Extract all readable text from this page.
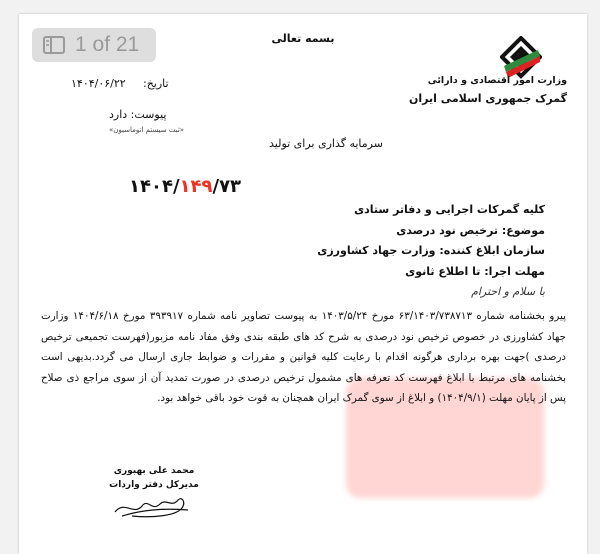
بسمه تعالی
وزارت امور اقتصادی و دارائی
گمرک جمهوری اسلامی ایران
۱۴۰۴/۰۶/۲۲ تاریخ:
پیوست: دارد
«ثبت سیستم اتوماسیون»
سرمایه گذاری برای تولید
۱۴۰۴/۱۴۹/۷۳
کلیه گمرکات اجرایی و دفاتر ستادی
موضوع: ترخیص نود درصدی
سازمان ابلاغ کننده: وزارت جهاد کشاورزی
مهلت اجرا: تا اطلاع ثانوی
با سلام و احترام
پیرو بخشنامه شماره ۶۳/۱۴۰۳/۷۳۸۷۱۳ مورخ ۱۴۰۳/۵/۲۴ به پیوست تصاویر نامه شماره ۳۹۳۹۱۷ مورخ ۱۴۰۴/۶/۱۸ وزارت جهاد کشاورزی در خصوص ترخیص نود درصدی به شرح کد های طبقه بندی وفق مفاد نامه مزبور(فهرست تجمیعی ترخیص درصدی )جهت بهره برداری هرگونه اقدام با رعایت کلیه قوانین و مقررات و ضوابط جاری ارسال می گردد.بدیهی است بخشنامه های مرتبط با ابلاغ فهرست کد تعرفه های مشمول ترخیص درصدی در صورت تمدید آن از سوی مراجع ذی صلاح پس از پایان مهلت (۱۴۰۴/۹/۱) و ابلاغ از سوی گمرک ایران همچنان به قوت خود باقی خواهد بود.
محمد علی بهبوری
مدیرکل دفتر واردات
1 of 21
